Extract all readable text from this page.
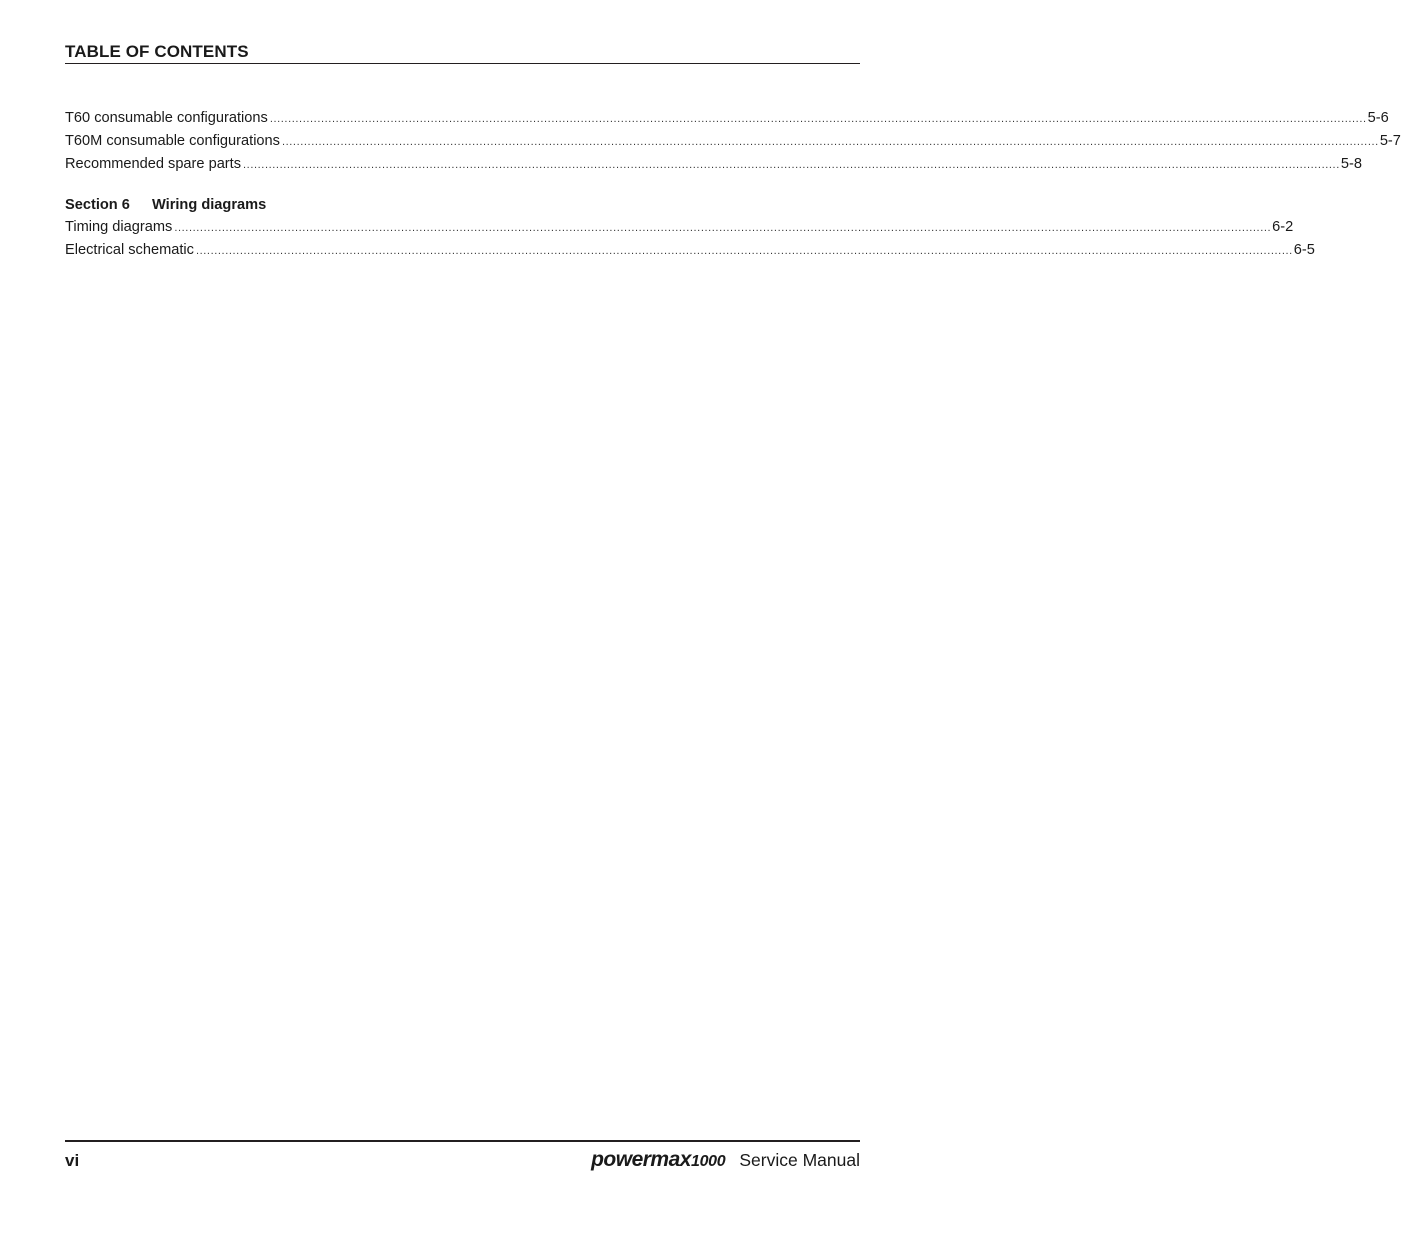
TABLE OF CONTENTS
T60 consumable configurations ............................................................................................................................................................................................................................................................................................................ 5-6
T60M consumable configurations ............................................................................................................................................................................................................................................................................................................ 5-7
Recommended spare parts ............................................................................................................................................................................................................................................................................................................ 5-8
Section 6 Wiring diagrams
Timing diagrams ............................................................................................................................................................................................................................................................................................................ 6-2
Electrical schematic ............................................................................................................................................................................................................................................................................................................ 6-5
vi	powermax1000 Service Manual
